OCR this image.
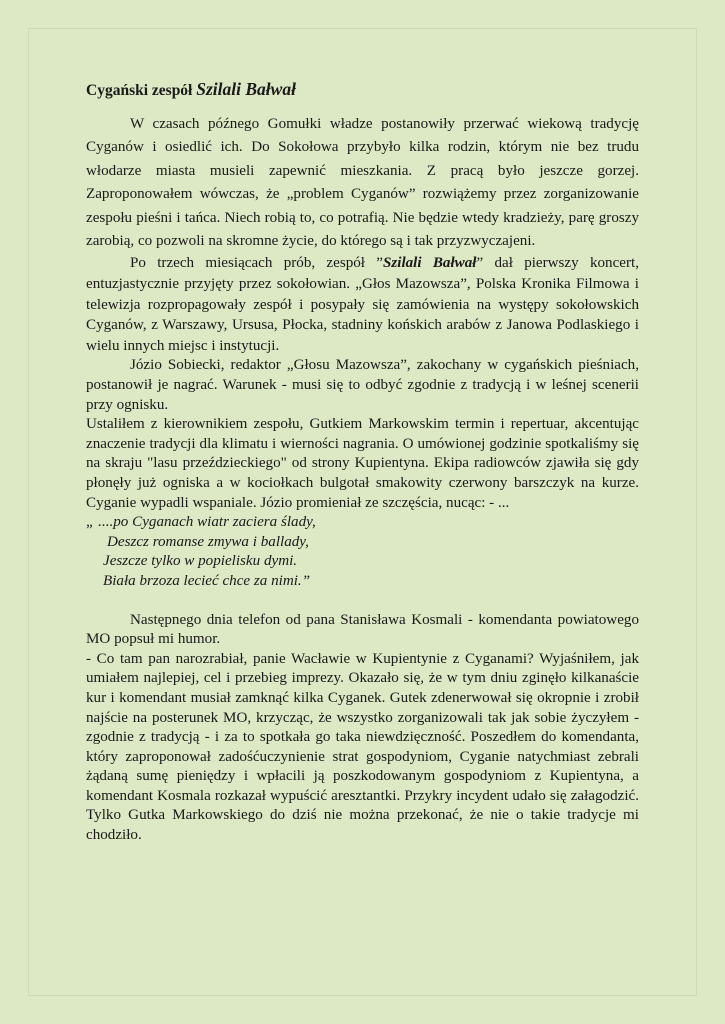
Cygański zespół Szilali Bałwał

W czasach późnego Gomułki władze postanowiły przerwać wiekową tradycję Cyganów i osiedlić ich. Do Sokołowa przybyło kilka rodzin, którym nie bez trudu włodarze miasta musieli zapewnić mieszkania. Z pracą było jeszcze gorzej. Zaproponowałem wówczas, że „problem Cyganów” rozwiążemy przez zorganizowanie zespołu pieśni i tańca. Niech robią to, co potrafią. Nie będzie wtedy kradzieży, parę groszy zarobią, co pozwoli na skromne życie, do którego są i tak przyzwyczajeni.

Po trzech miesiącach prób, zespół ”Szilali Bałwał” dał pierwszy koncert, entuzjastycznie przyjęty przez sokołowian. „Głos Mazowsza”, Polska Kronika Filmowa i telewizja rozpropagowały zespół i posypały się zamówienia na występy sokołowskich Cyganów, z Warszawy, Ursusa, Płocka, stadniny końskich arabów z Janowa Podlaskiego i wielu innych miejsc i instytucji.

Józio Sobiecki, redaktor „Głosu Mazowsza”, zakochany w cygańskich pieśniach, postanowił je nagrać. Warunek - musi się to odbyć zgodnie z tradycją i w leśnej scenerii przy ognisku.

Ustaliłem z kierownikiem zespołu, Gutkiem Markowskim termin i repertuar, akcentując znaczenie tradycji dla klimatu i wierności nagrania. O umówionej godzinie spotkaliśmy się na skraju "lasu przeździeckiego" od strony Kupientyna. Ekipa radiowców zjawiła się gdy płonęły już ogniska a w kociołkach bulgotał smakowity czerwony barszczyk na kurze. Cyganie wypadli wspaniale. Józio promieniał ze szczęścia, nucąc: - ...

„ ....po Cyganach wiatr zaciera ślady,
Deszcz romanse zmywa i ballady,
Jeszcze tylko w popielisku dymi.
Biała brzoza lecieć chce za nimi.”

Następnego dnia telefon od pana Stanisława Kosmali - komendanta powiatowego MO popsuł mi humor.

- Co tam pan narozrabiał, panie Wacławie w Kupientynie z Cyganami? Wyjaśniłem, jak umiałem najlepiej, cel i przebieg imprezy. Okazało się, że w tym dniu zginęło kilkanaście kur i komendant musiał zamknąć kilka Cyganek. Gutek zdenerwował się okropnie i zrobił najście na posterunek MO, krzycząc, że wszystko zorganizowali tak jak sobie życzyłem - zgodnie z tradycją - i za to spotkała go taka niewdzięczność. Poszedłem do komendanta, który zaproponował zadośćuczynienie strat gospodyniom, Cyganie natychmiast zebrali żądaną sumę pieniędzy i wpłacili ją poszkodowanym gospodyniom z Kupientyna, a komendant Kosmala rozkazał wypuścić aresztantki. Przykry incydent udało się załagodzić. Tylko Gutka Markowskiego do dziś nie można przekonać, że nie o takie tradycje mi chodziło.
